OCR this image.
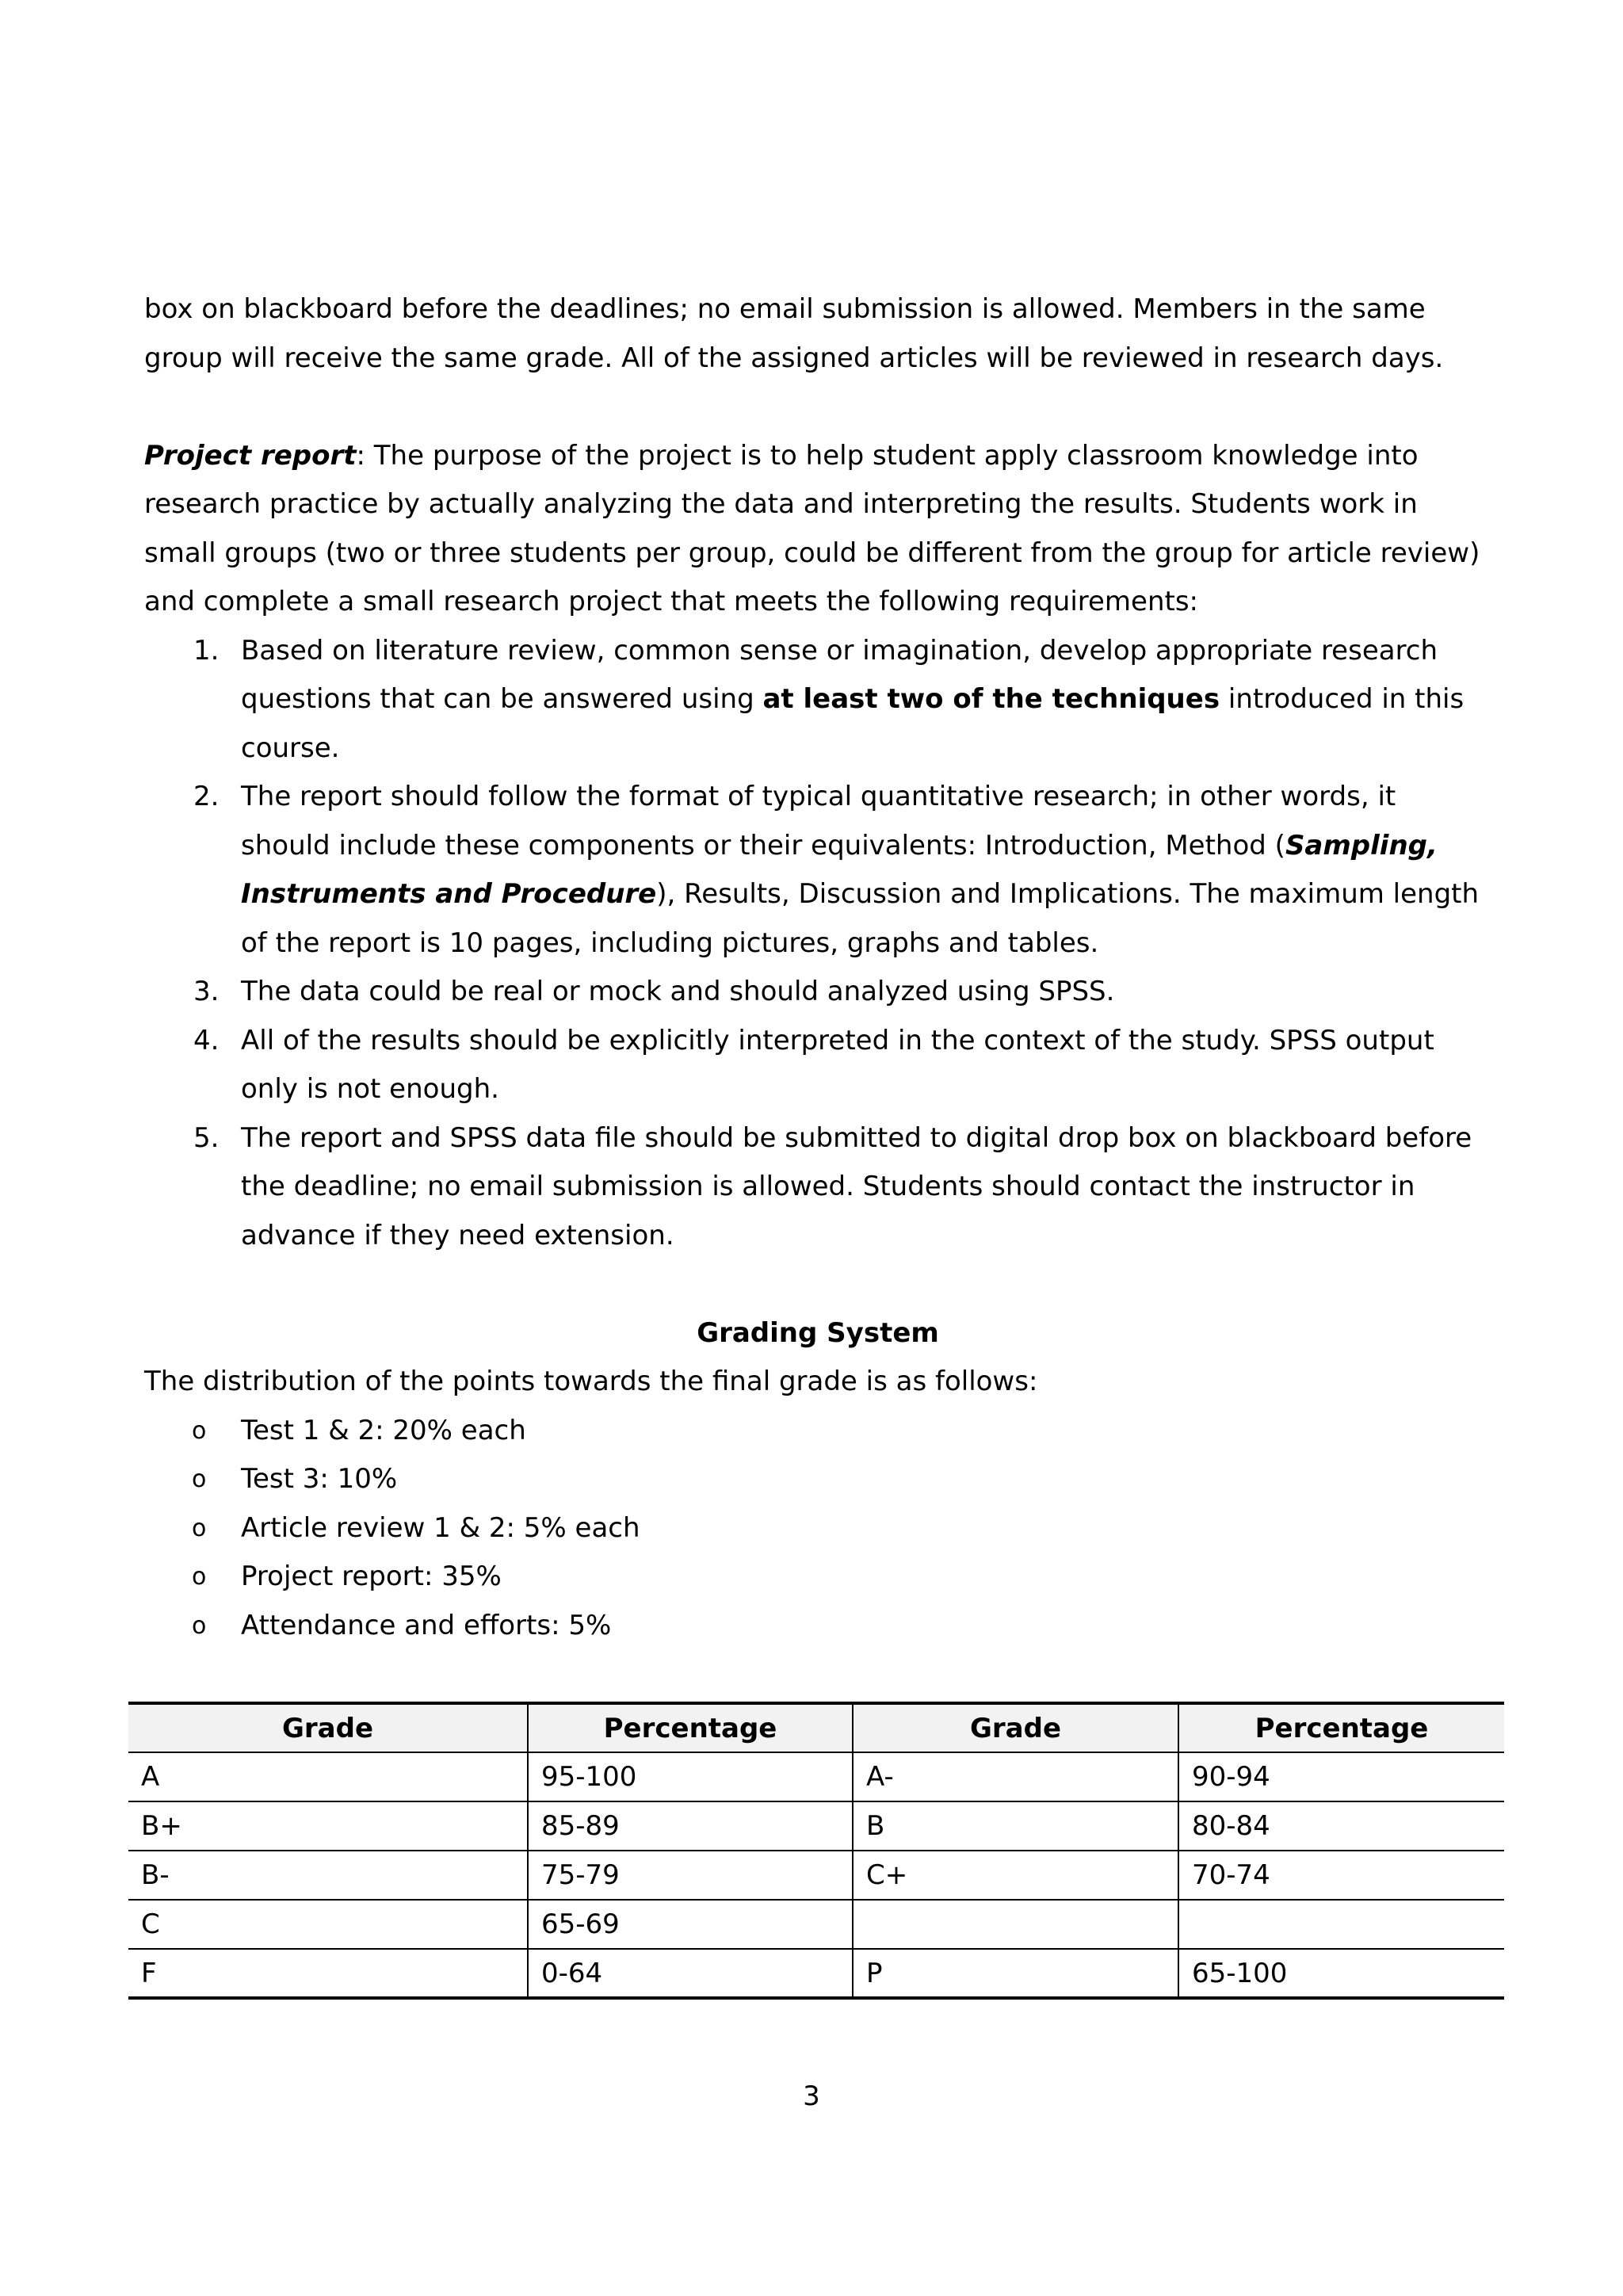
box on blackboard before the deadlines; no email submission is allowed. Members in the same

group will receive the same grade. All of the assigned articles will be reviewed in research days.

Project report: The purpose of the project is to help student apply classroom knowledge into

research practice by actually analyzing the data and interpreting the results. Students work in

small groups (two or three students per group, could be different from the group for article review)

and complete a small research project that meets the following requirements:

1. Based on literature review, common sense or imagination, develop appropriate research questions that can be answered using at least two of the techniques introduced in this course.
2. The report should follow the format of typical quantitative research; in other words, it should include these components or their equivalents: Introduction, Method (Sampling, Instruments and Procedure), Results, Discussion and Implications. The maximum length of the report is 10 pages, including pictures, graphs and tables.
3. The data could be real or mock and should analyzed using SPSS.
4. All of the results should be explicitly interpreted in the context of the study. SPSS output only is not enough.
5. The report and SPSS data file should be submitted to digital drop box on blackboard before the deadline; no email submission is allowed. Students should contact the instructor in advance if they need extension.
Grading System

The distribution of the points towards the final grade is as follows:

o	Test 1 & 2: 20% each
o	Test 3: 10%
o	Article review 1 & 2: 5% each
o	Project report: 35%
o	Attendance and efforts: 5%
Grade	Percentage	Grade	Percentage
A	95-100	A-	90-94
B+	85-89	B	80-84
B-	75-79	C+	70-74
C	65-69		
F	0-64	P	65-100
3
